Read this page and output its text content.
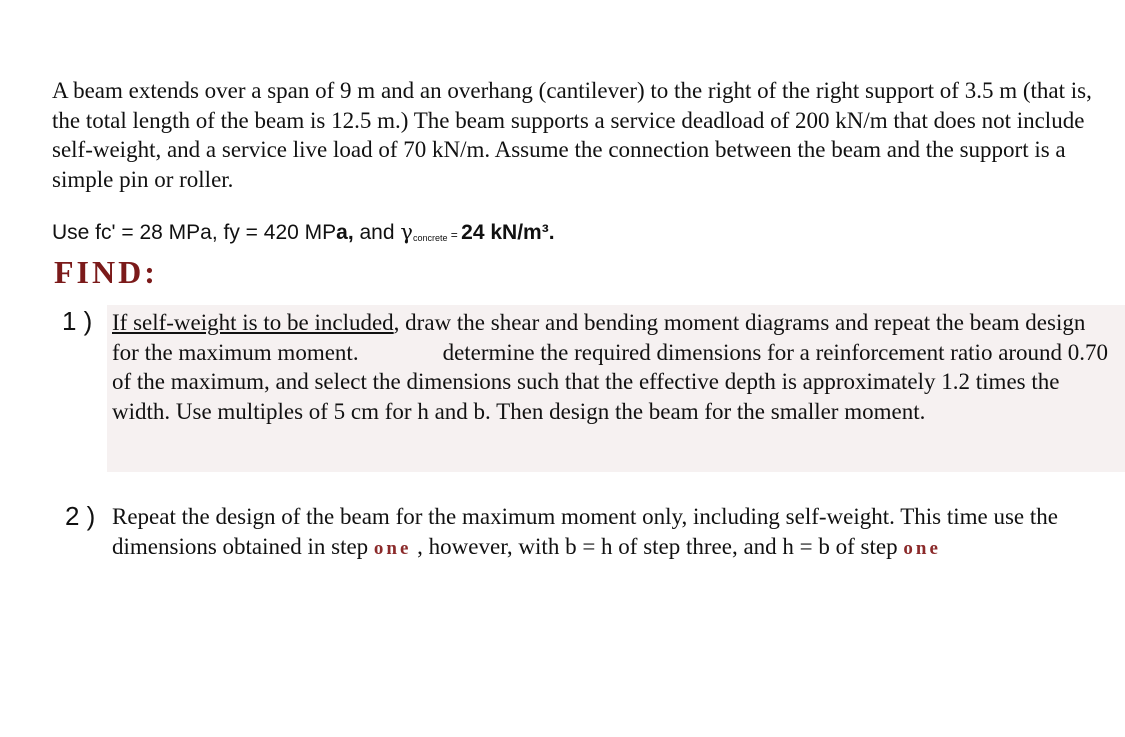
A beam extends over a span of 9 m and an overhang (cantilever) to the right of the right support of 3.5 m (that is, the total length of the beam is 12.5 m.) The beam supports a service deadload of 200 kN/m that does not include self-weight, and a service live load of 70 kN/m. Assume the connection between the beam and the support is a simple pin or roller.

Use fc' = 28 MPa, fy = 420 MPa, and $\gamma_{concrete} = 24$ kN/m³.
FIND:
1 ) If self-weight is to be included, draw the shear and bending moment diagrams and repeat the beam design for the maximum moment.	determine the required dimensions for a reinforcement ratio around 0.70 of the maximum, and select the dimensions such that the effective depth is approximately 1.2 times the width. Use multiples of 5 cm for h and b. Then design the beam for the smaller moment.

2 ) Repeat the design of the beam for the maximum moment only, including self-weight. This time use the dimensions obtained in step one , however, with b = h of step three, and h = b of step one
